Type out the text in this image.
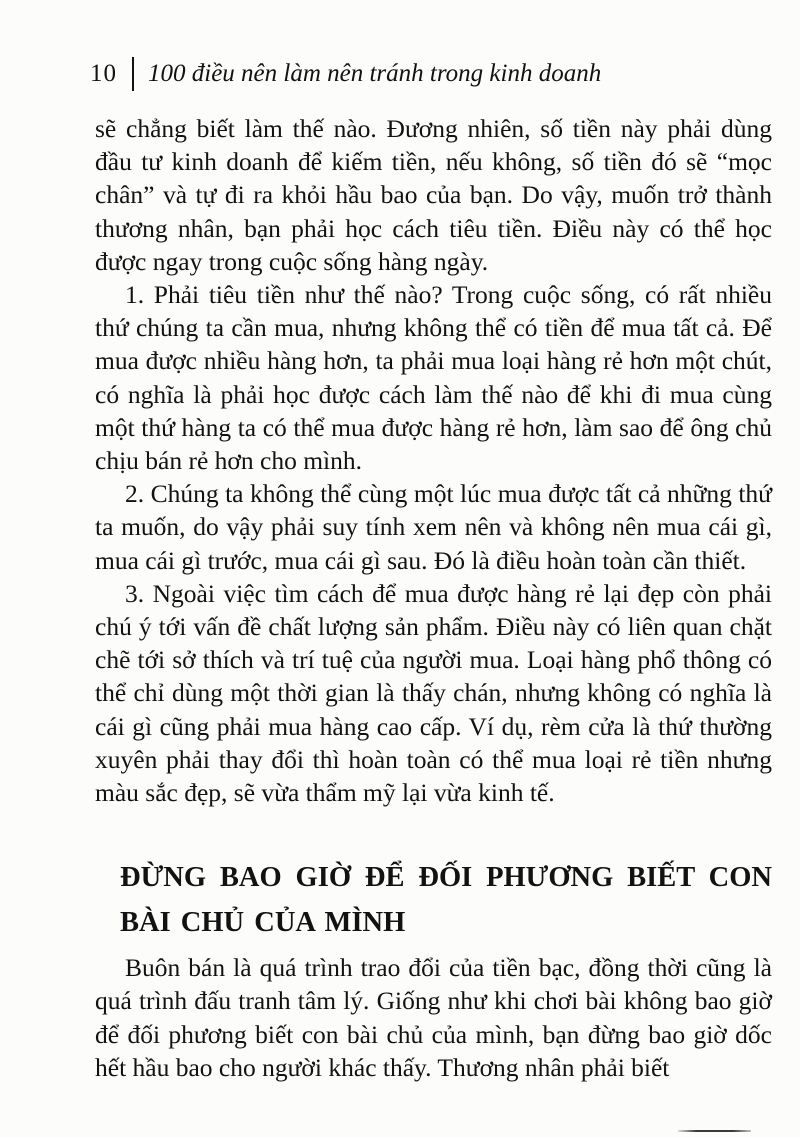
10 100 điều nên làm nên tránh trong kinh doanh

sẽ chẳng biết làm thế nào. Đương nhiên, số tiền này phải dùng đầu tư kinh doanh để kiếm tiền, nếu không, số tiền đó sẽ “mọc chân” và tự đi ra khỏi hầu bao của bạn. Do vậy, muốn trở thành thương nhân, bạn phải học cách tiêu tiền. Điều này có thể học được ngay trong cuộc sống hàng ngày.

1. Phải tiêu tiền như thế nào? Trong cuộc sống, có rất nhiều thứ chúng ta cần mua, nhưng không thể có tiền để mua tất cả. Để mua được nhiều hàng hơn, ta phải mua loại hàng rẻ hơn một chút, có nghĩa là phải học được cách làm thế nào để khi đi mua cùng một thứ hàng ta có thể mua được hàng rẻ hơn, làm sao để ông chủ chịu bán rẻ hơn cho mình.

2. Chúng ta không thể cùng một lúc mua được tất cả những thứ ta muốn, do vậy phải suy tính xem nên và không nên mua cái gì, mua cái gì trước, mua cái gì sau. Đó là điều hoàn toàn cần thiết.

3. Ngoài việc tìm cách để mua được hàng rẻ lại đẹp còn phải chú ý tới vấn đề chất lượng sản phẩm. Điều này có liên quan chặt chẽ tới sở thích và trí tuệ của người mua. Loại hàng phổ thông có thể chỉ dùng một thời gian là thấy chán, nhưng không có nghĩa là cái gì cũng phải mua hàng cao cấp. Ví dụ, rèm cửa là thứ thường xuyên phải thay đổi thì hoàn toàn có thể mua loại rẻ tiền nhưng màu sắc đẹp, sẽ vừa thẩm mỹ lại vừa kinh tế.

ĐỪNG BAO GIỜ ĐỂ ĐỐI PHƯƠNG BIẾT CON BÀI CHỦ CỦA MÌNH

Buôn bán là quá trình trao đổi của tiền bạc, đồng thời cũng là quá trình đấu tranh tâm lý. Giống như khi chơi bài không bao giờ để đối phương biết con bài chủ của mình, bạn đừng bao giờ dốc hết hầu bao cho người khác thấy. Thương nhân phải biết
